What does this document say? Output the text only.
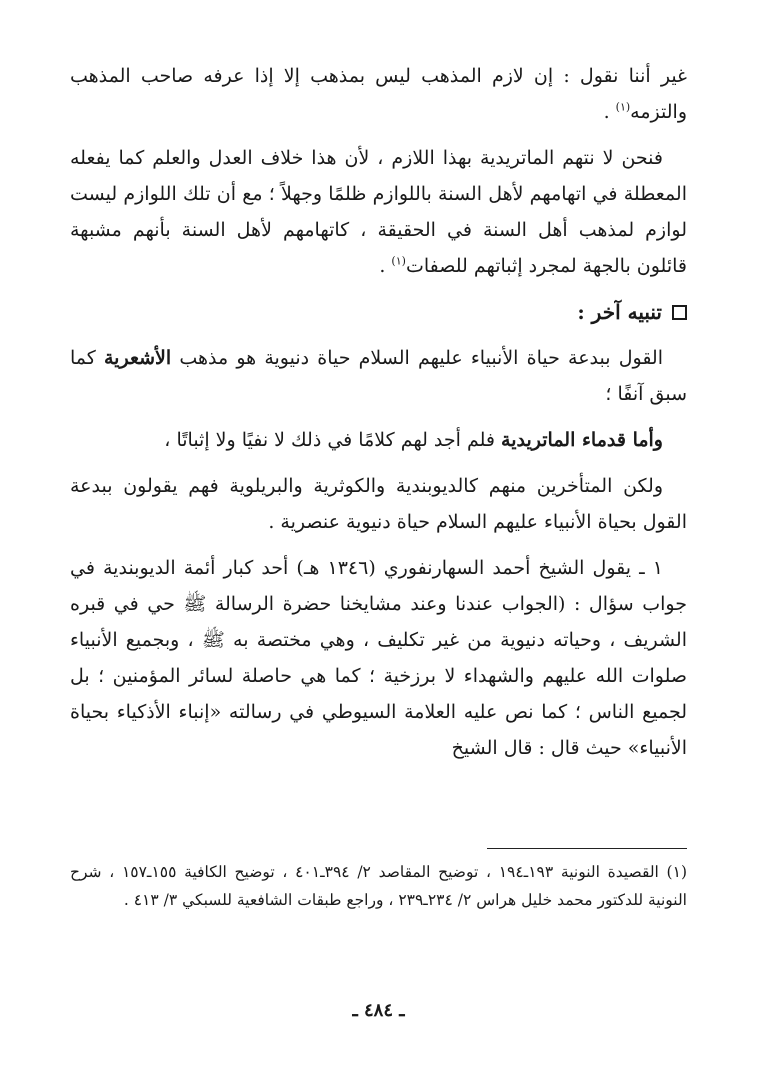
غير أننا نقول : إن لازم المذهب ليس بمذهب إلا إذا عرفه صاحب المذهب والتزمه$^{(١)}$ .

فنحن لا نتهم الماتريدية بهذا اللازم ، لأن هذا خلاف العدل والعلم كما يفعله المعطلة في اتهامهم لأهل السنة باللوازم ظلمًا وجهلاً ؛ مع أن تلك اللوازم ليست لوازم لمذهب أهل السنة في الحقيقة ، كاتهامهم لأهل السنة بأنهم مشبهة قائلون بالجهة لمجرد إثباتهم للصفات$^{(١)}$ .

تنبيه آخر :

القول ببدعة حياة الأنبياء عليهم السلام حياة دنيوية هو مذهب الأشعرية كما سبق آنفًا ؛

وأما قدماء الماتريدية فلم أجد لهم كلامًا في ذلك لا نفيًا ولا إثباتًا ،

ولكن المتأخرين منهم كالديوبندية والكوثرية والبريلوية فهم يقولون ببدعة القول بحياة الأنبياء عليهم السلام حياة دنيوية عنصرية .

١ ـ يقول الشيخ أحمد السهارنفوري (١٣٤٦ هـ) أحد كبار أئمة الديوبندية في جواب سؤال : (الجواب عندنا وعند مشايخنا حضرة الرسالة ﷺ حي في قبره الشريف ، وحياته دنيوية من غير تكليف ، وهي مختصة به ﷺ ، وبجميع الأنبياء صلوات الله عليهم والشهداء لا برزخية ؛ كما هي حاصلة لسائر المؤمنين ؛ بل لجميع الناس ؛ كما نص عليه العلامة السيوطي في رسالته «إنباء الأذكياء بحياة الأنبياء» حيث قال : قال الشيخ

(١) القصيدة النونية ١٩٣ـ١٩٤ ، توضيح المقاصد ٢/ ٣٩٤ـ٤٠١ ، توضيح الكافية ١٥٥ـ١٥٧ ، شرح النونية للدكتور محمد خليل هراس ٢/ ٢٣٤ـ٢٣٩ ، وراجع طبقات الشافعية للسبكي ٣/ ٤١٣ .
ـ ٤٨٤ ـ
